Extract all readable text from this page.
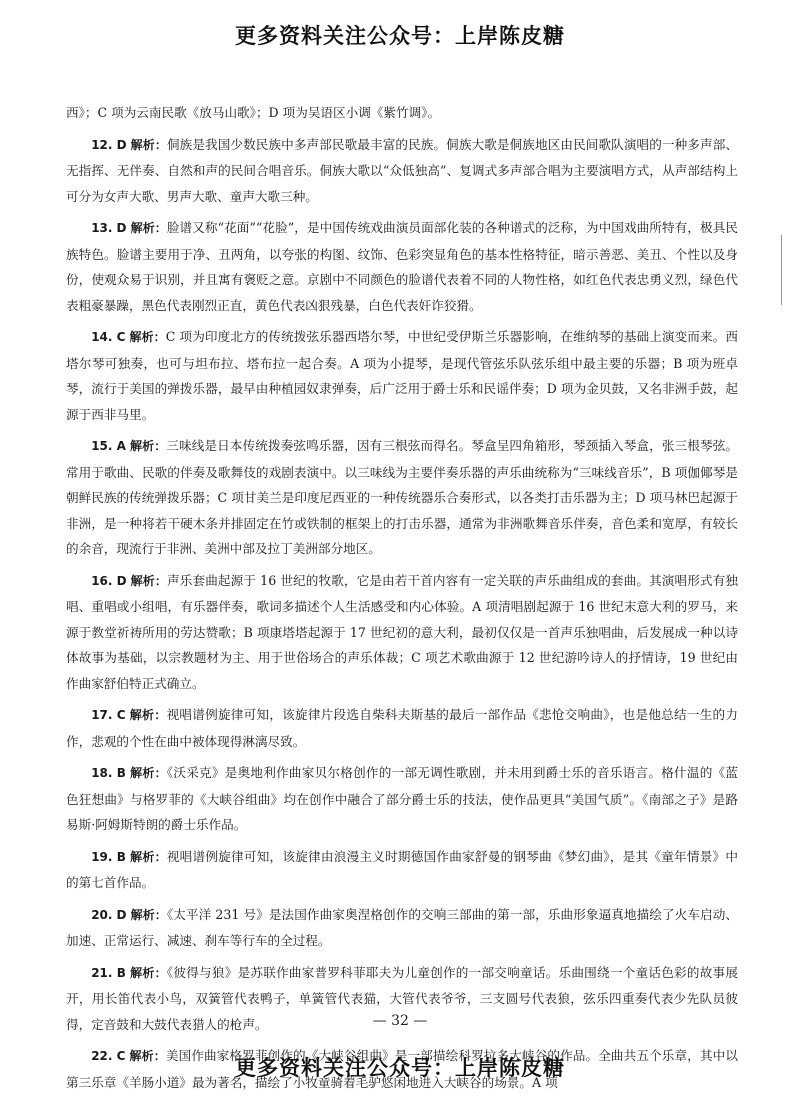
更多资料关注公众号：上岸陈皮糖

西》；C 项为云南民歌《放马山歌》；D 项为吴语区小调《紫竹调》。

12. D 解析：侗族是我国少数民族中多声部民歌最丰富的民族。侗族大歌是侗族地区由民间歌队演唱的一种多声部、无指挥、无伴奏、自然和声的民间合唱音乐。侗族大歌以“众低独高”、复调式多声部合唱为主要演唱方式，从声部结构上可分为女声大歌、男声大歌、童声大歌三种。

13. D 解析：脸谱又称“花面”“花脸”，是中国传统戏曲演员面部化装的各种谱式的泛称，为中国戏曲所特有，极具民族特色。脸谱主要用于净、丑两角，以夸张的构图、纹饰、色彩突显角色的基本性格特征，暗示善恶、美丑、个性以及身份，使观众易于识别，并且寓有褒贬之意。京剧中不同颜色的脸谱代表着不同的人物性格，如红色代表忠勇义烈，绿色代表粗豪暴躁，黑色代表刚烈正直，黄色代表凶狠残暴，白色代表奸诈狡猾。

14. C 解析：C 项为印度北方的传统拨弦乐器西塔尔琴，中世纪受伊斯兰乐器影响，在维纳琴的基础上演变而来。西塔尔琴可独奏，也可与坦布拉、塔布拉一起合奏。A 项为小提琴，是现代管弦乐队弦乐组中最主要的乐器；B 项为班卓琴，流行于美国的弹拨乐器，最早由种植园奴隶弹奏，后广泛用于爵士乐和民谣伴奏；D 项为金贝鼓，又名非洲手鼓，起源于西非马里。

15. A 解析：三味线是日本传统拨奏弦鸣乐器，因有三根弦而得名。琴盒呈四角箱形，琴颈插入琴盒，张三根琴弦。常用于歌曲、民歌的伴奏及歌舞伎的戏剧表演中。以三味线为主要伴奏乐器的声乐曲统称为“三味线音乐”，B 项伽倻琴是朝鲜民族的传统弹拨乐器；C 项甘美兰是印度尼西亚的一种传统器乐合奏形式，以各类打击乐器为主；D 项马林巴起源于非洲，是一种将若干硬木条并排固定在竹或铁制的框架上的打击乐器，通常为非洲歌舞音乐伴奏，音色柔和宽厚，有较长的余音，现流行于非洲、美洲中部及拉丁美洲部分地区。

16. D 解析：声乐套曲起源于 16 世纪的牧歌，它是由若干首内容有一定关联的声乐曲组成的套曲。其演唱形式有独唱、重唱或小组唱，有乐器伴奏，歌词多描述个人生活感受和内心体验。A 项清唱剧起源于 16 世纪末意大利的罗马，来源于教堂祈祷所用的劳达赞歌；B 项康塔塔起源于 17 世纪初的意大利，最初仅仅是一首声乐独唱曲，后发展成一种以诗体故事为基础，以宗教题材为主、用于世俗场合的声乐体裁；C 项艺术歌曲源于 12 世纪游吟诗人的抒情诗，19 世纪由作曲家舒伯特正式确立。

17. C 解析：视唱谱例旋律可知，该旋律片段选自柴科夫斯基的最后一部作品《悲怆交响曲》，也是他总结一生的力作，悲观的个性在曲中被体现得淋漓尽致。

18. B 解析：《沃采克》是奥地利作曲家贝尔格创作的一部无调性歌剧，并未用到爵士乐的音乐语言。格什温的《蓝色狂想曲》与格罗菲的《大峡谷组曲》均在创作中融合了部分爵士乐的技法，使作品更具“美国气质”。《南部之子》是路易斯·阿姆斯特朗的爵士乐作品。

19. B 解析：视唱谱例旋律可知，该旋律由浪漫主义时期德国作曲家舒曼的钢琴曲《梦幻曲》，是其《童年情景》中的第七首作品。

20. D 解析：《太平洋 231 号》是法国作曲家奥涅格创作的交响三部曲的第一部，乐曲形象逼真地描绘了火车启动、加速、正常运行、减速、刹车等行车的全过程。

21. B 解析：《彼得与狼》是苏联作曲家普罗科菲耶夫为儿童创作的一部交响童话。乐曲围绕一个童话色彩的故事展开，用长笛代表小鸟，双簧管代表鸭子，单簧管代表猫，大管代表爷爷，三支圆号代表狼，弦乐四重奏代表少先队员彼得，定音鼓和大鼓代表猎人的枪声。

22. C 解析：美国作曲家格罗菲创作的《大峡谷组曲》是一部描绘科罗拉多大峡谷的作品。全曲共五个乐章，其中以第三乐章《羊肠小道》最为著名，描绘了小牧童骑着毛驴悠闲地进入大峡谷的场景。A 项

— 32 —
更多资料关注公众号：上岸陈皮糖
